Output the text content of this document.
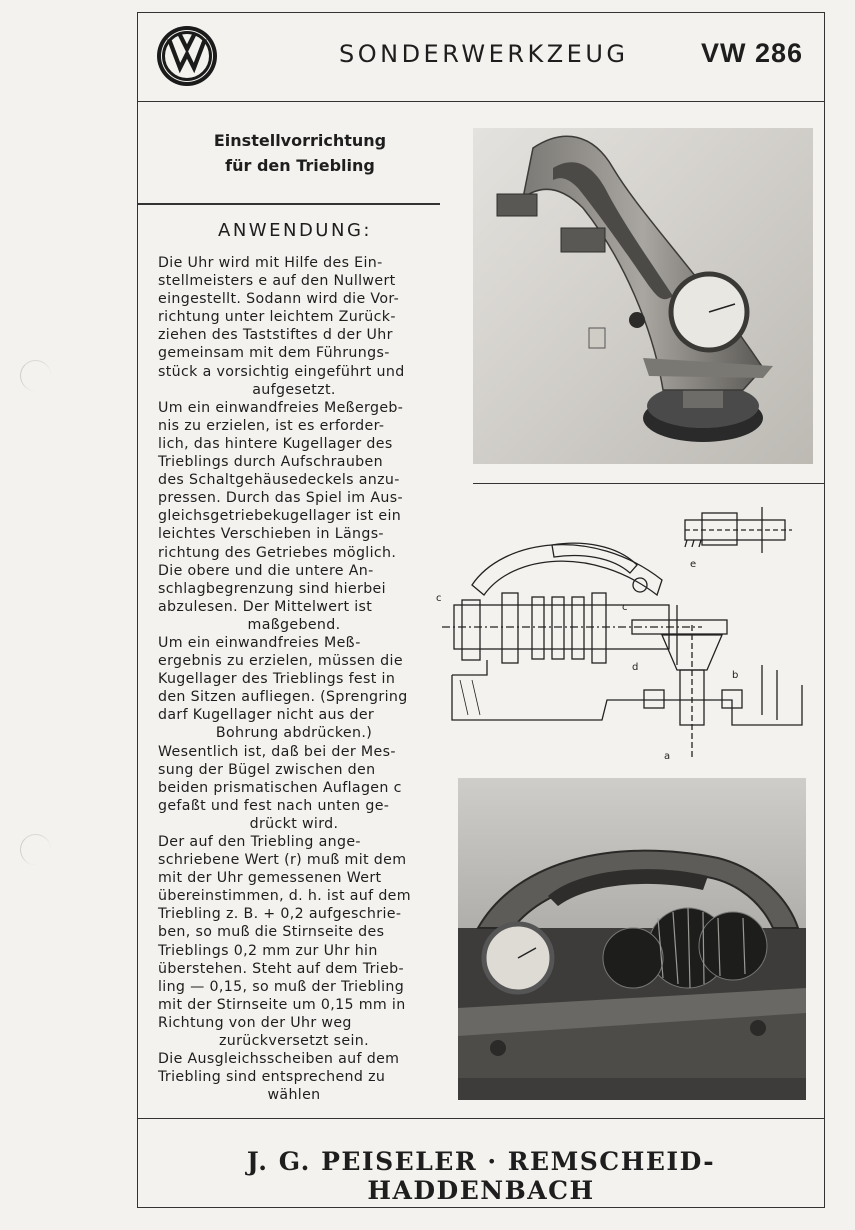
SONDERWERKZEUG	VW 286
Einstellvorrichtung
für den Triebling
ANWENDUNG:

Die Uhr wird mit Hilfe des Ein-

stellmeisters e auf den Nullwert

eingestellt. Sodann wird die Vor-

richtung unter leichtem Zurück-

ziehen des Taststiftes d der Uhr

gemeinsam mit dem Führungs-

stück a vorsichtig eingeführt und

aufgesetzt.

Um ein einwandfreies Meßergeb-

nis zu erzielen, ist es erforder-

lich, das hintere Kugellager des

Trieblings durch Aufschrauben

des Schaltgehäusedeckels anzu-

pressen. Durch das Spiel im Aus-

gleichsgetriebekugellager ist ein

leichtes Verschieben in Längs-

richtung des Getriebes möglich.

Die obere und die untere An-

schlagbegrenzung sind hierbei

abzulesen. Der Mittelwert ist

maßgebend.

Um ein einwandfreies Meß-

ergebnis zu erzielen, müssen die

Kugellager des Trieblings fest in

den Sitzen aufliegen. (Sprengring

darf Kugellager nicht aus der

Bohrung abdrücken.)

Wesentlich ist, daß bei der Mes-

sung der Bügel zwischen den

beiden prismatischen Auflagen c

gefaßt und fest nach unten ge-

drückt wird.

Der auf den Triebling ange-

schriebene Wert (r) muß mit dem

mit der Uhr gemessenen Wert

übereinstimmen, d. h. ist auf dem

Triebling z. B. + 0,2 aufgeschrie-

ben, so muß die Stirnseite des

Trieblings 0,2 mm zur Uhr hin

überstehen. Steht auf dem Trieb-

ling — 0,15, so muß der Triebling

mit der Stirnseite um 0,15 mm in

Richtung von der Uhr weg

zurückversetzt sein.

Die Ausgleichsscheiben auf dem

Triebling sind entsprechend zu

wählen

c
c
d
b
e
a
J. G. PEISELER · REMSCHEID-HADDENBACH
